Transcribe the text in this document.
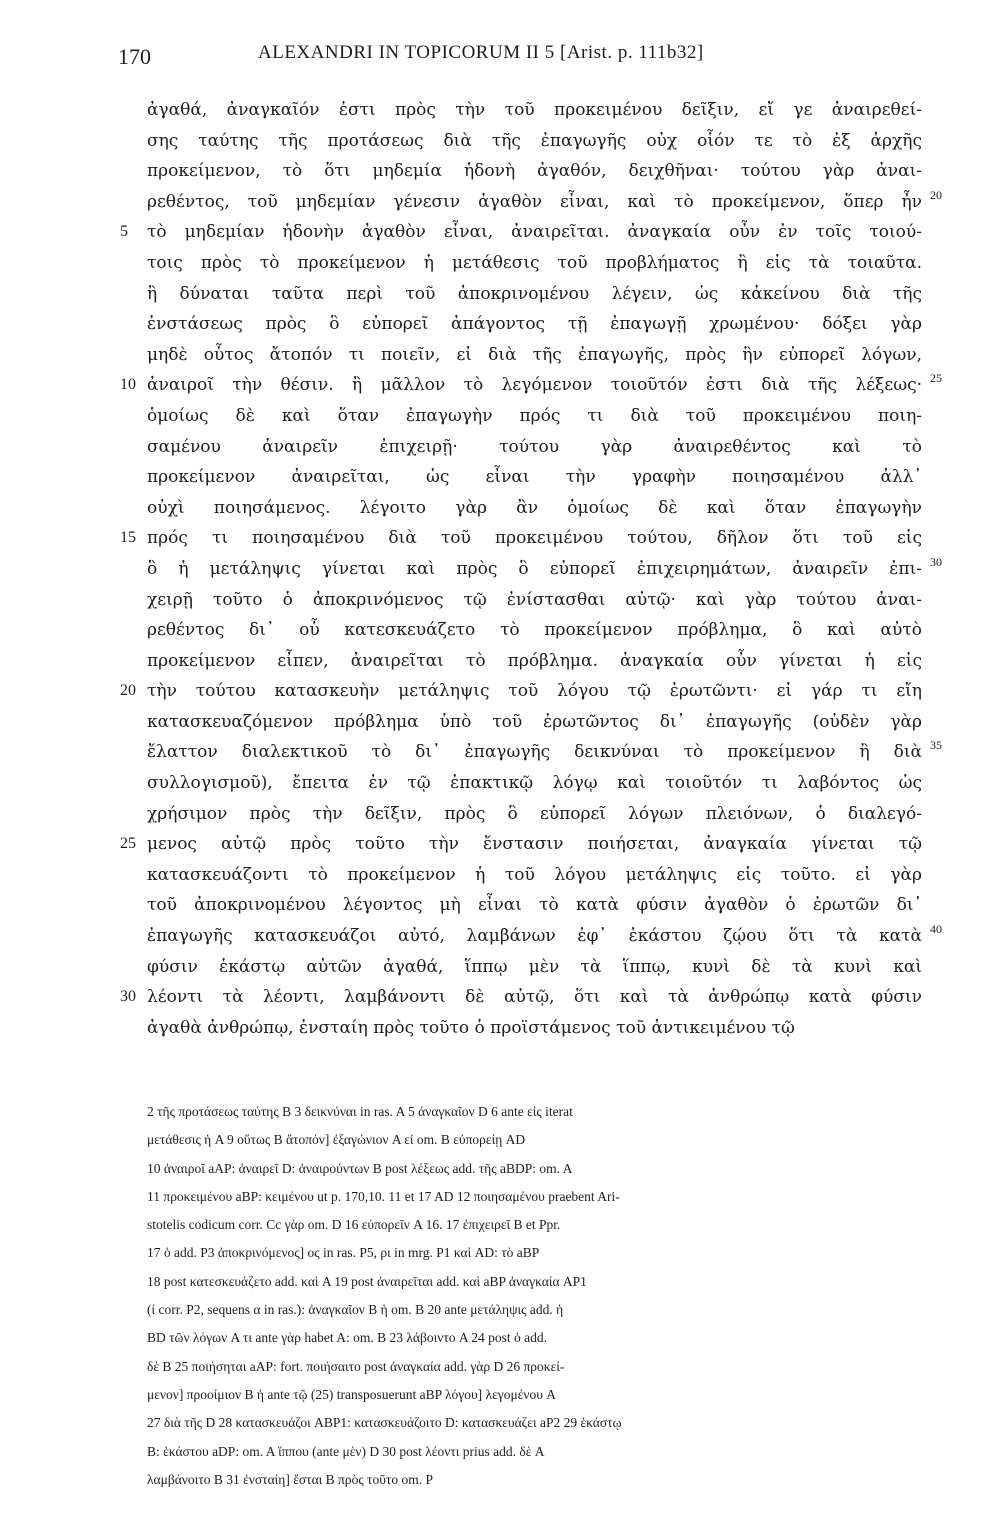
170	ALEXANDRI IN TOPICORUM II 5 [Arist. p. 111b32]
ἀγαθά, ἀναγκαῖόν ἐστι πρὸς τὴν τοῦ προκειμένου δεῖξιν, εἴ γε ἀναιρεθεί-
σης ταύτης τῆς προτάσεως διὰ τῆς ἐπαγωγῆς οὐχ οἷόν τε τὸ ἐξ ἀρχῆς
προκείμενον, τὸ ὅτι μηδεμία ἡδονὴ ἀγαθόν, δειχθῆναι· τούτου γὰρ ἀναι-
ρεθέντος, τοῦ μηδεμίαν γένεσιν ἀγαθὸν εἶναι, καὶ τὸ προκείμενον, ὅπερ ἦν 20
5 τὸ μηδεμίαν ἡδονὴν ἀγαθὸν εἶναι, ἀναιρεῖται. ἀναγκαία οὖν ἐν τοῖς τοιού-
τοις πρὸς τὸ προκείμενον ἡ μετάθεσις τοῦ προβλήματος ἢ εἰς τὰ τοιαῦτα.
ἢ δύναται ταῦτα περὶ τοῦ ἀποκρινομένου λέγειν, ὡς κἀκείνου διὰ τῆς
ἐνστάσεως πρὸς ὃ εὐπορεῖ ἀπάγοντος τῇ ἐπαγωγῇ χρωμένου· δόξει γὰρ
μηδὲ οὗτος ἄτοπόν τι ποιεῖν, εἰ διὰ τῆς ἐπαγωγῆς, πρὸς ἣν εὐπορεῖ λόγων,
10 ἀναιροῖ τὴν θέσιν. ἢ μᾶλλον τὸ λεγόμενον τοιοῦτόν ἐστι διὰ τῆς λέξεως· 25
ὁμοίως δὲ καὶ ὅταν ἐπαγωγὴν πρός τι διὰ τοῦ προκειμένου ποιη-
σαμένου ἀναιρεῖν ἐπιχειρῇ· τούτου γὰρ ἀναιρεθέντος καὶ τὸ
προκείμενον ἀναιρεῖται, ὡς εἶναι τὴν γραφὴν ποιησαμένου ἀλλ᾽
οὐχὶ ποιησάμενος. λέγοιτο γὰρ ἂν ὁμοίως δὲ καὶ ὅταν ἐπαγωγὴν
15 πρός τι ποιησαμένου διὰ τοῦ προκειμένου τούτου, δῆλον ὅτι τοῦ εἰς
ὃ ἡ μετάληψις γίνεται καὶ πρὸς ὃ εὐπορεῖ ἐπιχειρημάτων, ἀναιρεῖν ἐπι- 30
χειρῇ τοῦτο ὁ ἀποκρινόμενος τῷ ἐνίστασθαι αὐτῷ· καὶ γὰρ τούτου ἀναι-
ρεθέντος δι᾽ οὗ κατεσκευάζετο τὸ προκείμενον πρόβλημα, ὃ καὶ αὐτὸ
προκείμενον εἶπεν, ἀναιρεῖται τὸ πρόβλημα. ἀναγκαία οὖν γίνεται ἡ εἰς
20 τὴν τούτου κατασκευὴν μετάληψις τοῦ λόγου τῷ ἐρωτῶντι· εἰ γάρ τι εἴη
κατασκευαζόμενον πρόβλημα ὑπὸ τοῦ ἐρωτῶντος δι᾽ ἐπαγωγῆς (οὐδὲν γὰρ
ἔλαττον διαλεκτικοῦ τὸ δι᾽ ἐπαγωγῆς δεικνύναι τὸ προκείμενον ἢ διὰ 35
συλλογισμοῦ), ἔπειτα ἐν τῷ ἐπακτικῷ λόγῳ καὶ τοιοῦτόν τι λαβόντος ὡς
χρήσιμον πρὸς τὴν δεῖξιν, πρὸς ὃ εὐπορεῖ λόγων πλειόνων, ὁ διαλεγό-
25 μενος αὐτῷ πρὸς τοῦτο τὴν ἔνστασιν ποιήσεται, ἀναγκαία γίνεται τῷ
κατασκευάζοντι τὸ προκείμενον ἡ τοῦ λόγου μετάληψις εἰς τοῦτο. εἰ γὰρ
τοῦ ἀποκρινομένου λέγοντος μὴ εἶναι τὸ κατὰ φύσιν ἀγαθὸν ὁ ἐρωτῶν δι᾽
ἐπαγωγῆς κατασκευάζοι αὐτό, λαμβάνων ἐφ᾽ ἑκάστου ζῴου ὅτι τὰ κατὰ 40
φύσιν ἑκάστῳ αὐτῶν ἀγαθά, ἵππῳ μὲν τὰ ἵππῳ, κυνὶ δὲ τὰ κυνὶ καὶ
30 λέοντι τὰ λέοντι, λαμβάνοντι δὲ αὐτῷ, ὅτι καὶ τὰ ἀνθρώπῳ κατὰ φύσιν
ἀγαθὰ ἀνθρώπῳ, ἐνσταίη πρὸς τοῦτο ὁ προϊστάμενος τοῦ ἀντικειμένου τῷ
2 τῆς προτάσεως ταύτης B 3 δεικνύναι in ras. A 5 ἀναγκαῖον D 6 ante εἰς iterat
μετάθεσις ἡ A 9 οὕτως B ἄτοπόν] ἐξαγώνιον A εἰ om. B εὐπορείῃ AD
10 ἀναιροῖ aAP: ἀναιρεῖ D: ἀναιρούντων B post λέξεως add. τῆς aBDP: om. A
11 προκειμένου aBP: κειμένου ut p. 170,10. 11 et 17 AD 12 ποιησαμένου praebent Ari-
stotelis codicum corr. Cc γὰρ om. D 16 εὐπορεῖν A 16. 17 ἐπιχειρεῖ B et Ppr.
17 ὁ add. P3 ἀποκρινόμενος] ος in ras. P5, ρι in mrg. P1 καὶ AD: τὸ aBP
18 post κατεσκευάζετο add. καὶ A 19 post ἀναιρεῖται add. καὶ aBP ἀναγκαία AP1
(ί corr. P2, sequens α in ras.): ἀναγκαῖον B ἡ om. B 20 ante μετάληψις add. ἡ
BD τῶν λόγων A τι ante γὰρ habet A: om. B 23 λάβοιντο A 24 post ὁ add.
δὲ B 25 ποιήσηται aAP: fort. ποιήσαιτο post ἀναγκαία add. γὰρ D 26 προκεί-
μενον] προοίμιον B ἡ ante τῷ (25) transposuerunt aBP λόγου] λεγομένου A
27 διὰ τῆς D 28 κατασκευάζοι ABP1: κατασκευάζοιτο D: κατασκευάζει aP2 29 ἑκάστῳ
B: ἑκάστου aDP: om. A ἵππου (ante μὲν) D 30 post λέοντι prius add. δὲ A
λαμβάνοιτο B 31 ἐνσταίη] ἔσται B πρὸς τοῦτο om. P
